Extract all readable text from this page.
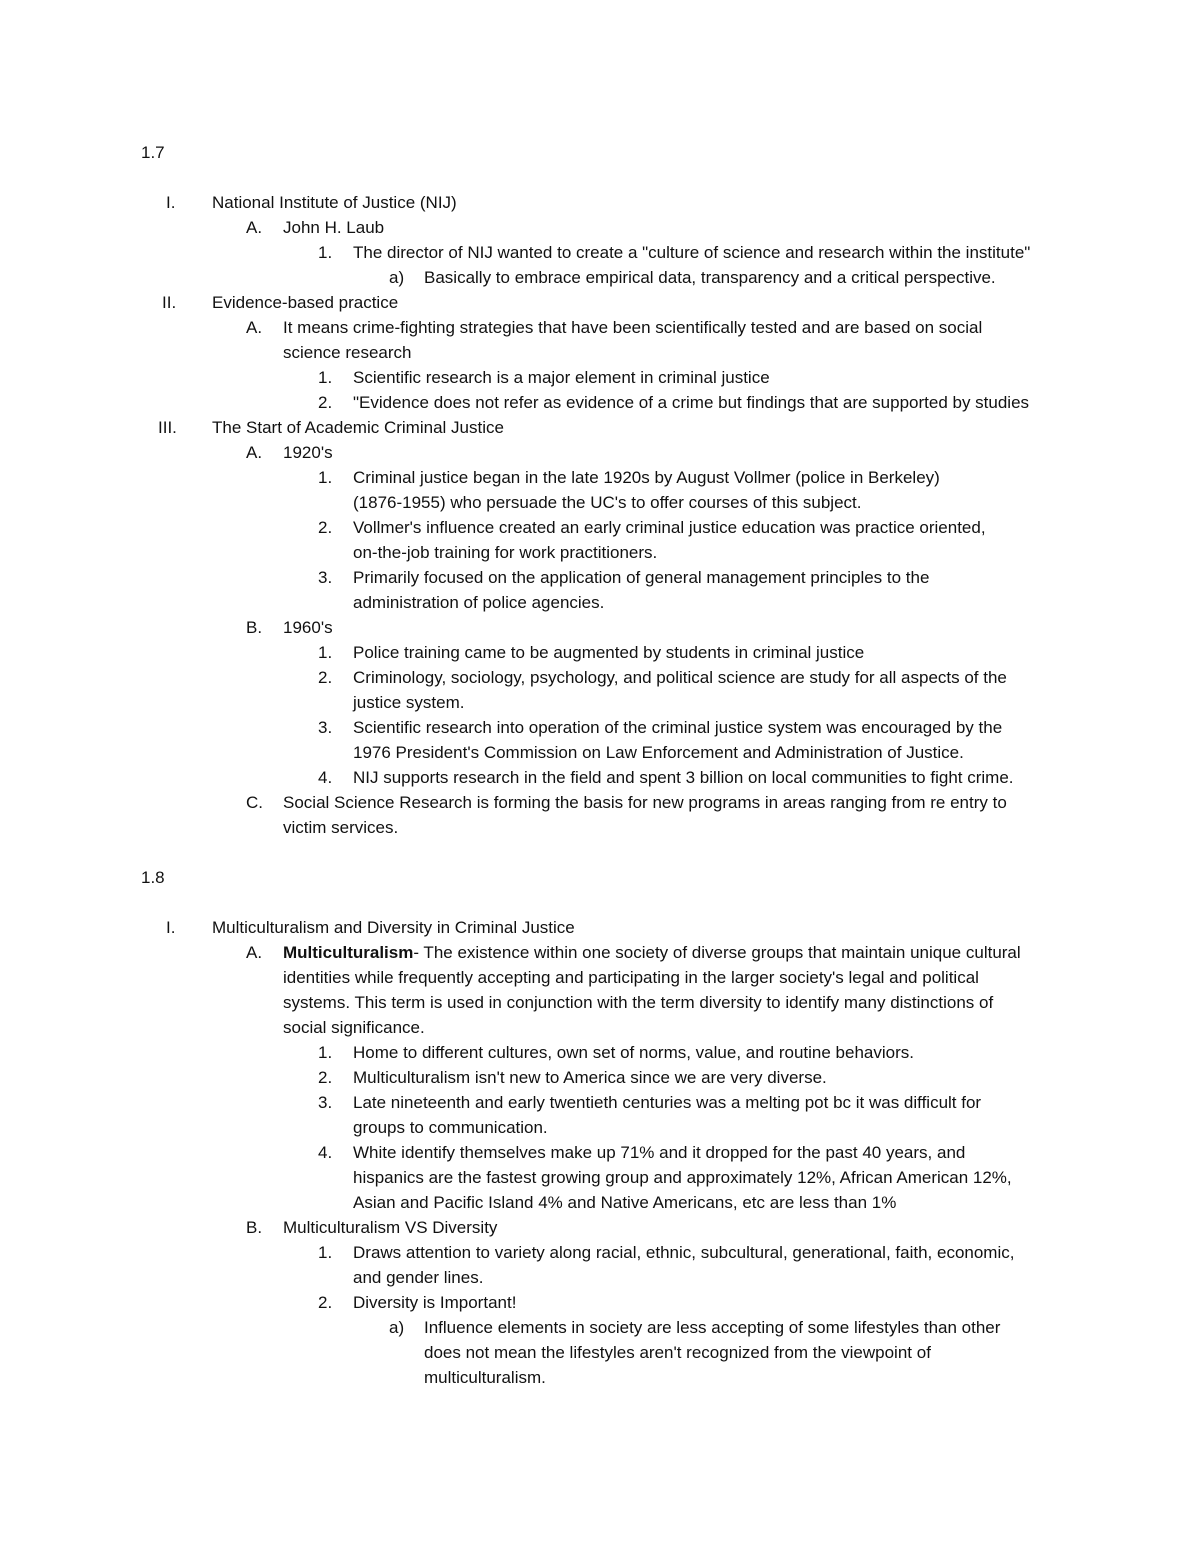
1.7
I. National Institute of Justice (NIJ)
A. John H. Laub
1. The director of NIJ wanted to create a "culture of science and research within the institute"
a) Basically to embrace empirical data, transparency and a critical perspective.
II. Evidence-based practice
A. It means crime-fighting strategies that have been scientifically tested and are based on social
science research
1. Scientific research is a major element in criminal justice
2. "Evidence does not refer as evidence of a crime but findings that are supported by studies
III. The Start of Academic Criminal Justice
A. 1920's
1. Criminal justice began in the late 1920s by August Vollmer (police in Berkeley)
(1876-1955) who persuade the UC's to offer courses of this subject.
2. Vollmer's influence created an early criminal justice education was practice oriented,
on-the-job training for work practitioners.
3. Primarily focused on the application of general management principles to the
administration of police agencies.
B. 1960's
1. Police training came to be augmented by students in criminal justice
2. Criminology, sociology, psychology, and political science are study for all aspects of the
justice system.
3. Scientific research into operation of the criminal justice system was encouraged by the
1976 President's Commission on Law Enforcement and Administration of Justice.
4. NIJ supports research in the field and spent 3 billion on local communities to fight crime.
C. Social Science Research is forming the basis for new programs in areas ranging from re entry to
victim services.
1.8
I. Multiculturalism and Diversity in Criminal Justice
A. Multiculturalism- The existence within one society of diverse groups that maintain unique cultural
identities while frequently accepting and participating in the larger society's legal and political
systems. This term is used in conjunction with the term diversity to identify many distinctions of
social significance.
1. Home to different cultures, own set of norms, value, and routine behaviors.
2. Multiculturalism isn't new to America since we are very diverse.
3. Late nineteenth and early twentieth centuries was a melting pot bc it was difficult for
groups to communication.
4. White identify themselves make up 71% and it dropped for the past 40 years, and
hispanics are the fastest growing group and approximately 12%, African American 12%,
Asian and Pacific Island 4% and Native Americans, etc are less than 1%
B. Multiculturalism VS Diversity
1. Draws attention to variety along racial, ethnic, subcultural, generational, faith, economic,
and gender lines.
2. Diversity is Important!
a) Influence elements in society are less accepting of some lifestyles than other
does not mean the lifestyles aren't recognized from the viewpoint of
multiculturalism.
